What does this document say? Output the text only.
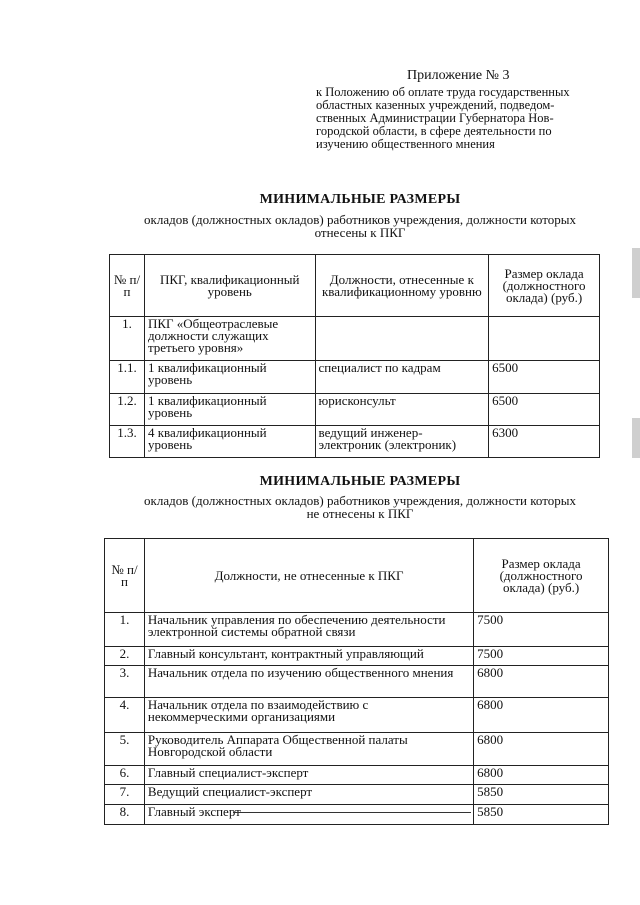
Приложение № 3
к Положению об оплате труда государственных
областных казенных учреждений, подведом-
ственных Администрации Губернатора Нов-
городской области, в сфере деятельности по
изучению общественного мнения
МИНИМАЛЬНЫЕ РАЗМЕРЫ
окладов (должностных окладов) работников учреждения, должности которых
отнесены к ПКГ
№ п/п	ПКГ, квалификационный уровень	Должности, отнесенные к квалификационному уровню	Размер оклада (должностного оклада) (руб.)
1.	ПКГ «Общеотраслевые должности служащих третьего уровня»		
1.1.	1 квалификационный уровень	специалист по кадрам	6500
1.2.	1 квалификационный уровень	юрисконсульт	6500
1.3.	4 квалификационный уровень	ведущий инженер-электроник (электроник)	6300
МИНИМАЛЬНЫЕ РАЗМЕРЫ
окладов (должностных окладов) работников учреждения, должности которых
не отнесены к ПКГ
№ п/п	Должности, не отнесенные к ПКГ	Размер оклада (должностного оклада) (руб.)
1.	Начальник управления по обеспечению деятельности электронной системы обратной связи	7500
2.	Главный консультант, контрактный управляющий	7500
3.	Начальник отдела по изучению общественного мнения	6800
4.	Начальник отдела по взаимодействию с некоммерческими организациями	6800
5.	Руководитель Аппарата Общественной палаты Новгородской области	6800
6.	Главный специалист-эксперт	6800
7.	Ведущий специалист-эксперт	5850
8.	Главный эксперт	5850
